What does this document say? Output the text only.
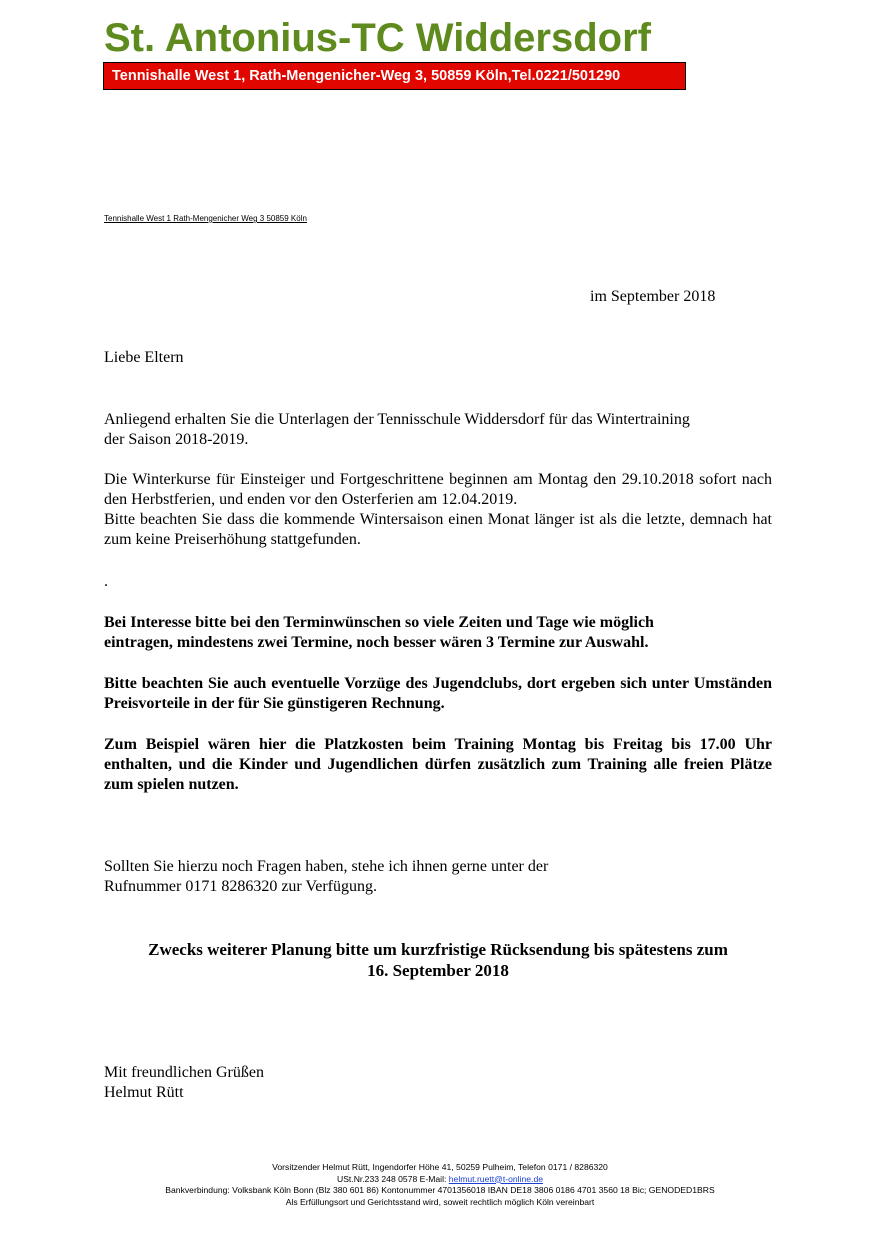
St. Antonius-TC Widdersdorf
Tennishalle West 1, Rath-Mengenicher-Weg 3, 50859 Köln,Tel.0221/501290
Tennishalle West 1 Rath-Mengenicher Weg 3 50859 Köln
im September 2018
Liebe Eltern
Anliegend erhalten Sie die Unterlagen der Tennisschule Widdersdorf für das Wintertraining
der Saison 2018-2019.
Die Winterkurse für Einsteiger und Fortgeschrittene beginnen am Montag den 29.10.2018 sofort nach den Herbstferien, und enden vor den Osterferien am 12.04.2019.
Bitte beachten Sie dass die kommende Wintersaison einen Monat länger ist als die letzte, demnach hat zum keine Preiserhöhung stattgefunden.
.
Bei Interesse bitte bei den Terminwünschen so viele Zeiten und Tage wie möglich
eintragen, mindestens zwei Termine, noch besser wären 3 Termine zur Auswahl.
Bitte beachten Sie auch eventuelle Vorzüge des Jugendclubs, dort ergeben sich unter Umständen Preisvorteile in der für Sie günstigeren Rechnung.
Zum Beispiel wären hier die Platzkosten beim Training Montag bis Freitag bis 17.00 Uhr enthalten, und die Kinder und Jugendlichen dürfen zusätzlich zum Training alle freien Plätze zum spielen nutzen.
Sollten Sie hierzu noch Fragen haben, stehe ich ihnen gerne unter der
Rufnummer 0171 8286320 zur Verfügung.
Zwecks weiterer Planung bitte um kurzfristige Rücksendung bis spätestens zum
16. September 2018
Mit freundlichen Grüßen
Helmut Rütt
Vorsitzender Helmut Rütt, Ingendorfer Höhe 41, 50259 Pulheim, Telefon 0171 / 8286320
USt.Nr.233 248 0578 E-Mail: helmut.ruett@t-online.de
Bankverbindung: Volksbank Köln Bonn (Blz 380 601 86) Kontonummer 4701356018 IBAN DE18 3806 0186 4701 3560 18 Bic; GENODED1BRS
Als Erfüllungsort und Gerichtsstand wird, soweit rechtlich möglich Köln vereinbart
